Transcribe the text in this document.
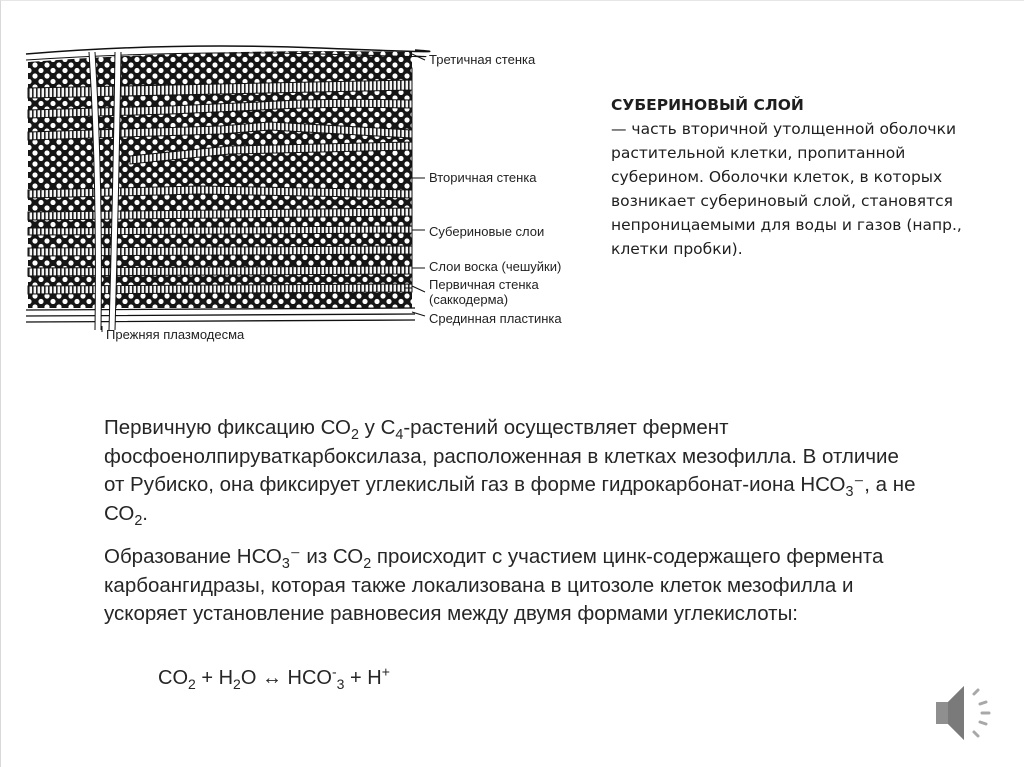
Третичная стенка
Вторичная стенка
Субериновые слои
Слои воска (чешуйки)
Первичная стенка
(саккодерма)
Срединная пластинка
Прежняя плазмодесма
СУБЕРИНОВЫЙ СЛОЙ
— часть вторичной утолщенной оболочки растительной клетки, пропитанной суберином. Оболочки клеток, в которых возникает субериновый слой, становятся непроницаемыми для воды и газов (напр., клетки пробки).

Первичную фиксацию $СО_2$ у $С_4$-растений осуществляет фермент фосфоенолпируваткарбоксилаза, расположенная в клетках мезофилла. В отличие от Рубиско, она фиксирует углекислый газ в форме гидрокарбонат-иона $НСО_3^-$, а не $СО_2$.

Образование $НСО_3^-$ из $СО_2$ происходит с участием цинк-содержащего фермента карбоангидразы, которая также локализована в цитозоле клеток мезофилла и ускоряет установление равновесия между двумя формами углекислоты:

$CO_2 + H_2O$ ↔ $HCO^-_3 + H^+$
